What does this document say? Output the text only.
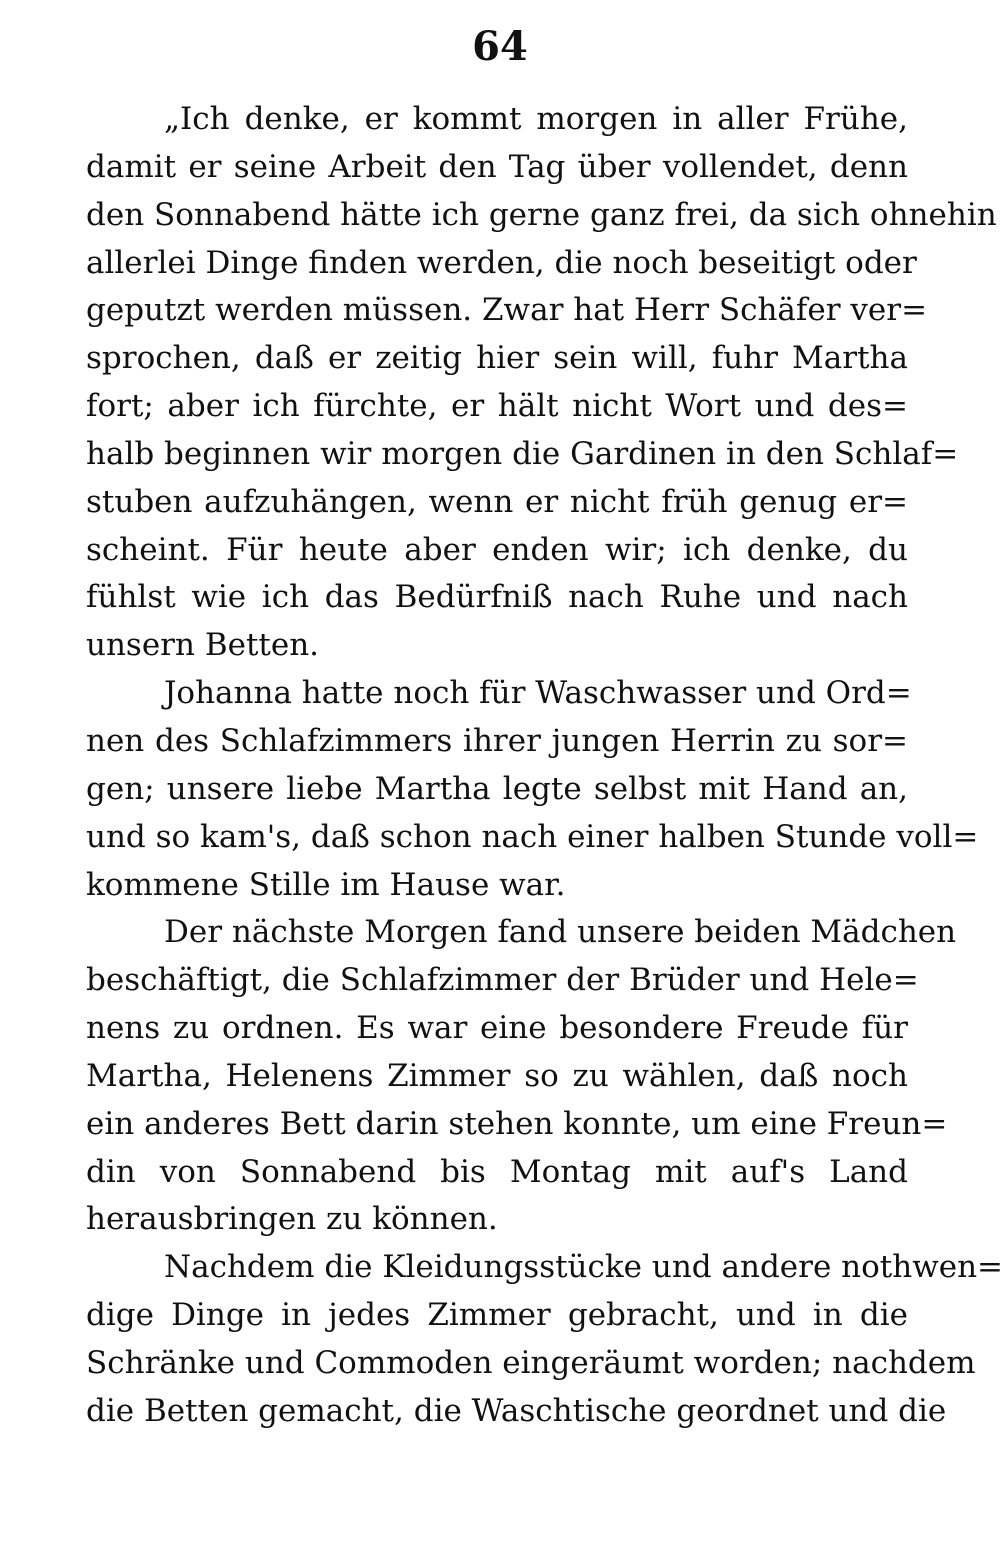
64
„Ich denke, er kommt morgen in aller Frühe,
damit er seine Arbeit den Tag über vollendet, denn
den Sonnabend hätte ich gerne ganz frei, da sich ohnehin
allerlei Dinge finden werden, die noch beseitigt oder
geputzt werden müssen. Zwar hat Herr Schäfer ver=
sprochen, daß er zeitig hier sein will, fuhr Martha
fort; aber ich fürchte, er hält nicht Wort und des=
halb beginnen wir morgen die Gardinen in den Schlaf=
stuben aufzuhängen, wenn er nicht früh genug er=
scheint. Für heute aber enden wir; ich denke, du
fühlst wie ich das Bedürfniß nach Ruhe und nach
unsern Betten.
Johanna hatte noch für Waschwasser und Ord=
nen des Schlafzimmers ihrer jungen Herrin zu sor=
gen; unsere liebe Martha legte selbst mit Hand an,
und so kam's, daß schon nach einer halben Stunde voll=
kommene Stille im Hause war.
Der nächste Morgen fand unsere beiden Mädchen
beschäftigt, die Schlafzimmer der Brüder und Hele=
nens zu ordnen. Es war eine besondere Freude für
Martha, Helenens Zimmer so zu wählen, daß noch
ein anderes Bett darin stehen konnte, um eine Freun=
din von Sonnabend bis Montag mit auf's Land
herausbringen zu können.
Nachdem die Kleidungsstücke und andere nothwen=
dige Dinge in jedes Zimmer gebracht, und in die
Schränke und Commoden eingeräumt worden; nachdem
die Betten gemacht, die Waschtische geordnet und die
